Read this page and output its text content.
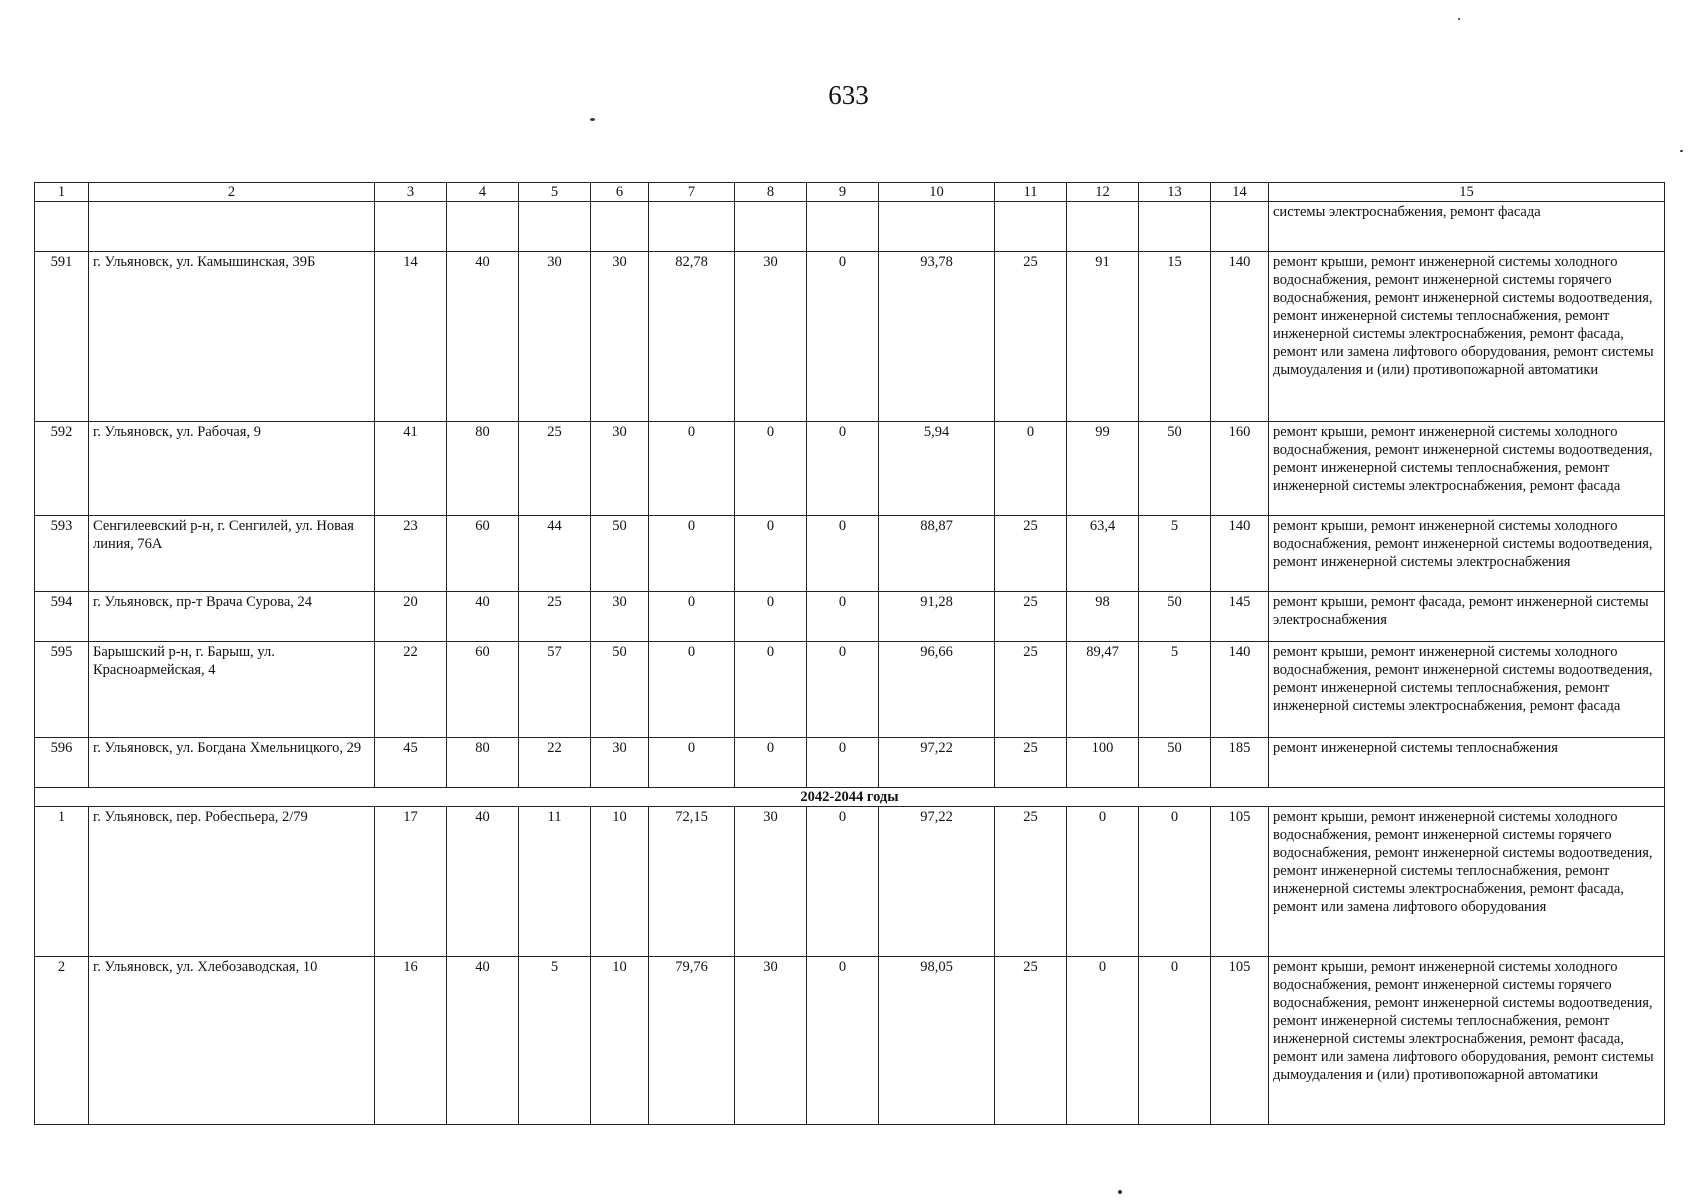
633
1	2	3	4	5	6	7	8	9	10	11	12	13	14	15
														системы электроснабжения, ремонт фасада
591	г. Ульяновск, ул. Камышинская, 39Б	14	40	30	30	82,78	30	0	93,78	25	91	15	140	ремонт крыши, ремонт инженерной системы холодного водоснабжения, ремонт инженерной системы горячего водоснабжения, ремонт инженерной системы водоотведения, ремонт инженерной системы теплоснабжения, ремонт инженерной системы электроснабжения, ремонт фасада, ремонт или замена лифтового оборудования, ремонт системы дымоудаления и (или) противопожарной автоматики
592	г. Ульяновск, ул. Рабочая, 9	41	80	25	30	0	0	0	5,94	0	99	50	160	ремонт крыши, ремонт инженерной системы холодного водоснабжения, ремонт инженерной системы водоотведения, ремонт инженерной системы теплоснабжения, ремонт инженерной системы электроснабжения, ремонт фасада
593	Сенгилеевский р-н, г. Сенгилей, ул. Новая линия, 76А	23	60	44	50	0	0	0	88,87	25	63,4	5	140	ремонт крыши, ремонт инженерной системы холодного водоснабжения, ремонт инженерной системы водоотведения, ремонт инженерной системы электроснабжения
594	г. Ульяновск, пр-т Врача Сурова, 24	20	40	25	30	0	0	0	91,28	25	98	50	145	ремонт крыши, ремонт фасада, ремонт инженерной системы электроснабжения
595	Барышский р-н, г. Барыш, ул. Красноармейская, 4	22	60	57	50	0	0	0	96,66	25	89,47	5	140	ремонт крыши, ремонт инженерной системы холодного водоснабжения, ремонт инженерной системы водоотведения, ремонт инженерной системы теплоснабжения, ремонт инженерной системы электроснабжения, ремонт фасада
596	г. Ульяновск, ул. Богдана Хмельницкого, 29	45	80	22	30	0	0	0	97,22	25	100	50	185	ремонт инженерной системы теплоснабжения
2042-2044 годы														
1	г. Ульяновск, пер. Робеспьера, 2/79	17	40	11	10	72,15	30	0	97,22	25	0	0	105	ремонт крыши, ремонт инженерной системы холодного водоснабжения, ремонт инженерной системы горячего водоснабжения, ремонт инженерной системы водоотведения, ремонт инженерной системы теплоснабжения, ремонт инженерной системы электроснабжения, ремонт фасада, ремонт или замена лифтового оборудования
2	г. Ульяновск, ул. Хлебозаводская, 10	16	40	5	10	79,76	30	0	98,05	25	0	0	105	ремонт крыши, ремонт инженерной системы холодного водоснабжения, ремонт инженерной системы горячего водоснабжения, ремонт инженерной системы водоотведения, ремонт инженерной системы теплоснабжения, ремонт инженерной системы электроснабжения, ремонт фасада, ремонт или замена лифтового оборудования, ремонт системы дымоудаления и (или) противопожарной автоматики
